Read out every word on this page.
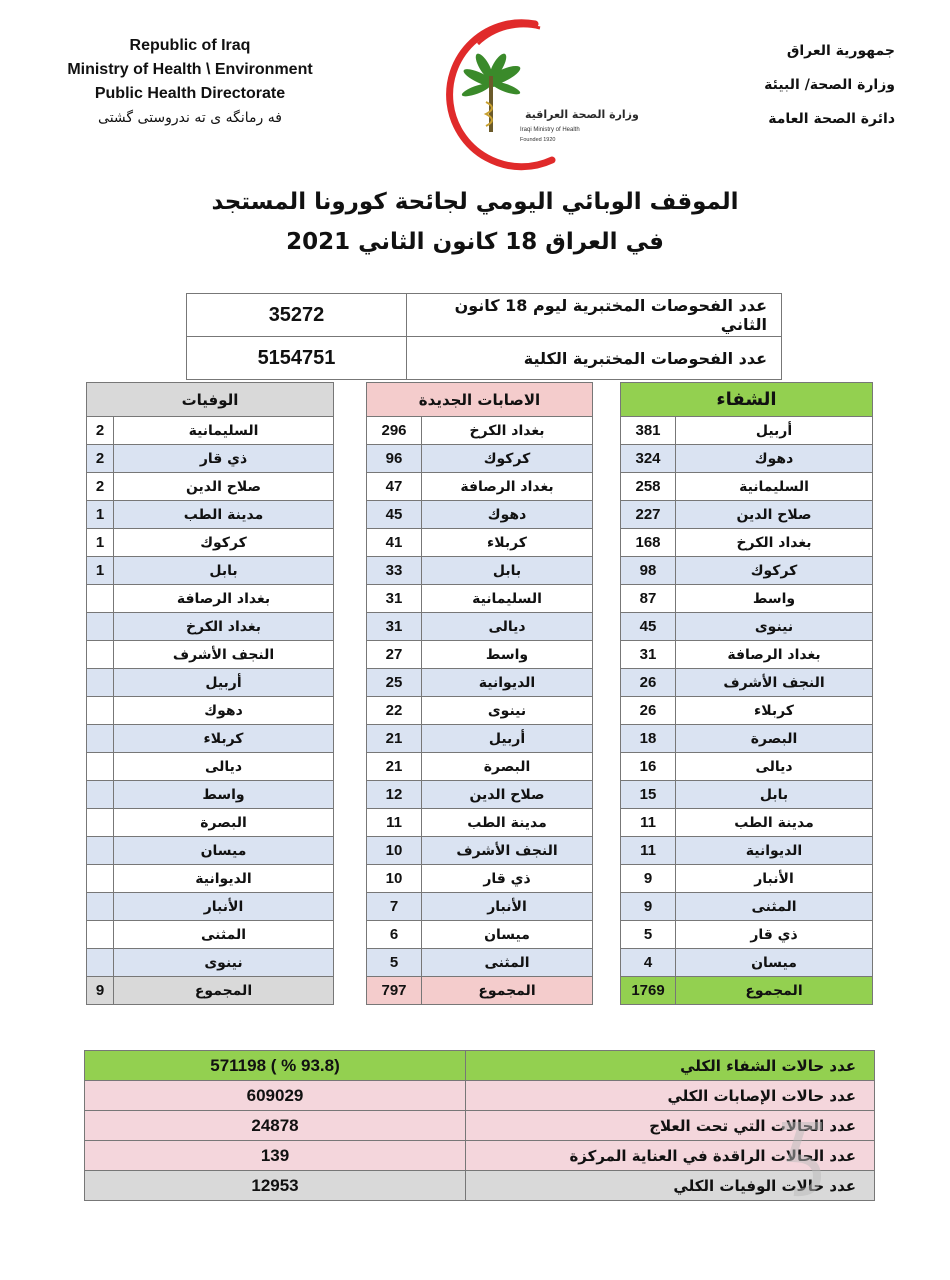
Republic of Iraq
Ministry of Health \ Environment
Public Health Directorate
فه رمانگه ی ته ندروستی گشتی	وزارة الصحة العراقية
Iraqi Ministry of Health
Founded 1920
جمهورية العراق
وزارة الصحة/ البيئة
دائرة الصحة العامة
الموقف الوبائي اليومي لجائحة كورونا المستجد
في العراق 18 كانون الثاني 2021
35272	عدد الفحوصات المختبرية ليوم 18 كانون الثاني
5154751	عدد الفحوصات المختبرية الكلية
الوفيات	
2	السليمانية
2	ذي قار
2	صلاح الدين
1	مدينة الطب
1	كركوك
1	بابل
	بغداد الرصافة
	بغداد الكرخ
	النجف الأشرف
	أربيل
	دهوك
	كربلاء
	ديالى
	واسط
	البصرة
	ميسان
	الديوانية
	الأنبار
	المثنى
	نينوى
9	المجموع
الاصابات الجديدة	
296	بغداد الكرخ
96	كركوك
47	بغداد الرصافة
45	دهوك
41	كربلاء
33	بابل
31	السليمانية
31	ديالى
27	واسط
25	الديوانية
22	نينوى
21	أربيل
21	البصرة
12	صلاح الدين
11	مدينة الطب
10	النجف الأشرف
10	ذي قار
7	الأنبار
6	ميسان
5	المثنى
797	المجموع
الشفاء	
381	أربيل
324	دهوك
258	السليمانية
227	صلاح الدين
168	بغداد الكرخ
98	كركوك
87	واسط
45	نينوى
31	بغداد الرصافة
26	النجف الأشرف
26	كربلاء
18	البصرة
16	ديالى
15	بابل
11	مدينة الطب
11	الديوانية
9	الأنبار
9	المثنى
5	ذي قار
4	ميسان
1769	المجموع
571198 ( % 93.8)	عدد حالات الشفاء الكلي
609029	عدد حالات الإصابات الكلي
24878	عدد الحالات التي تحت العلاج
139	عدد الحالات الراقدة في العناية المركزة
12953	عدد حالات الوفيات الكلي
